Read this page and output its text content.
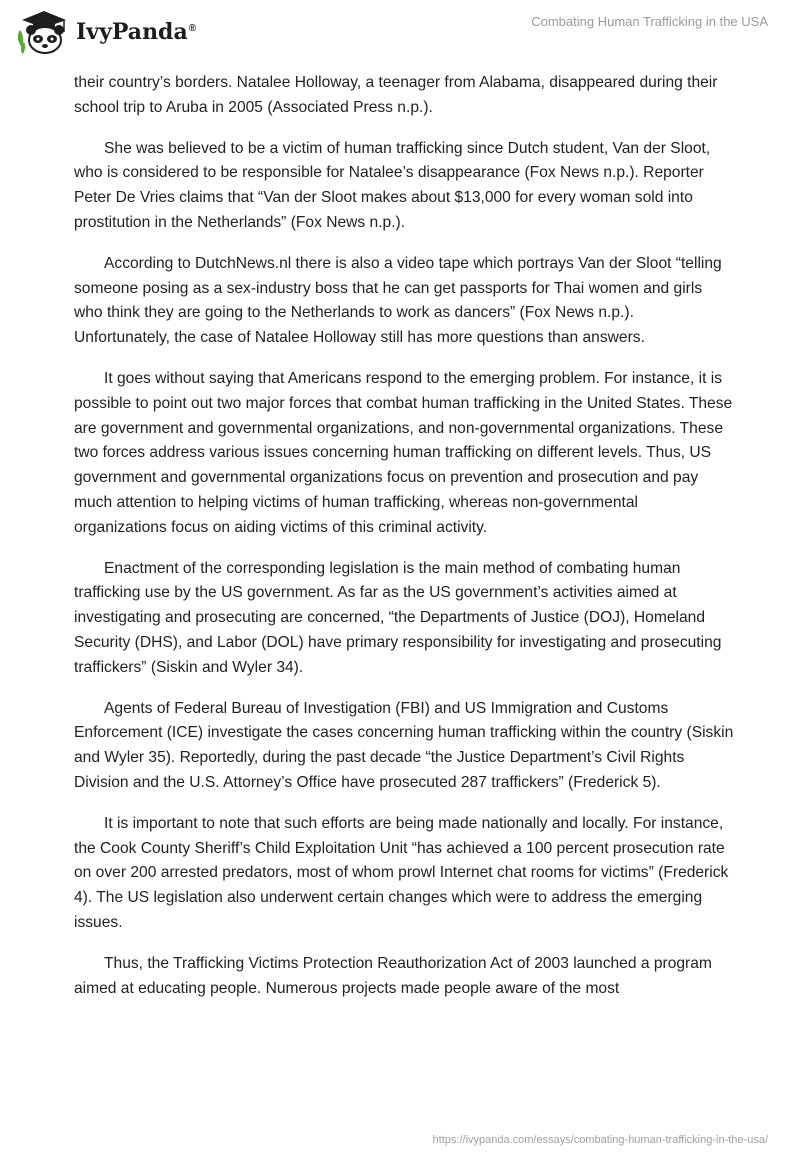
IvyPanda®	Combating Human Trafficking in the USA

their country’s borders. Natalee Holloway, a teenager from Alabama, disappeared during their school trip to Aruba in 2005 (Associated Press n.p.).

She was believed to be a victim of human trafficking since Dutch student, Van der Sloot, who is considered to be responsible for Natalee’s disappearance (Fox News n.p.). Reporter Peter De Vries claims that “Van der Sloot makes about $13,000 for every woman sold into prostitution in the Netherlands” (Fox News n.p.).

According to DutchNews.nl there is also a video tape which portrays Van der Sloot “telling someone posing as a sex-industry boss that he can get passports for Thai women and girls who think they are going to the Netherlands to work as dancers” (Fox News n.p.). Unfortunately, the case of Natalee Holloway still has more questions than answers.

It goes without saying that Americans respond to the emerging problem. For instance, it is possible to point out two major forces that combat human trafficking in the United States. These are government and governmental organizations, and non-governmental organizations. These two forces address various issues concerning human trafficking on different levels. Thus, US government and governmental organizations focus on prevention and prosecution and pay much attention to helping victims of human trafficking, whereas non-governmental organizations focus on aiding victims of this criminal activity.

Enactment of the corresponding legislation is the main method of combating human trafficking use by the US government. As far as the US government’s activities aimed at investigating and prosecuting are concerned, “the Departments of Justice (DOJ), Homeland Security (DHS), and Labor (DOL) have primary responsibility for investigating and prosecuting traffickers” (Siskin and Wyler 34).

Agents of Federal Bureau of Investigation (FBI) and US Immigration and Customs Enforcement (ICE) investigate the cases concerning human trafficking within the country (Siskin and Wyler 35). Reportedly, during the past decade “the Justice Department’s Civil Rights Division and the U.S. Attorney’s Office have prosecuted 287 traffickers” (Frederick 5).

It is important to note that such efforts are being made nationally and locally. For instance, the Cook County Sheriff’s Child Exploitation Unit “has achieved a 100 percent prosecution rate on over 200 arrested predators, most of whom prowl Internet chat rooms for victims” (Frederick 4). The US legislation also underwent certain changes which were to address the emerging issues.

Thus, the Trafficking Victims Protection Reauthorization Act of 2003 launched a program aimed at educating people. Numerous projects made people aware of the most

https://ivypanda.com/essays/combating-human-trafficking-in-the-usa/
